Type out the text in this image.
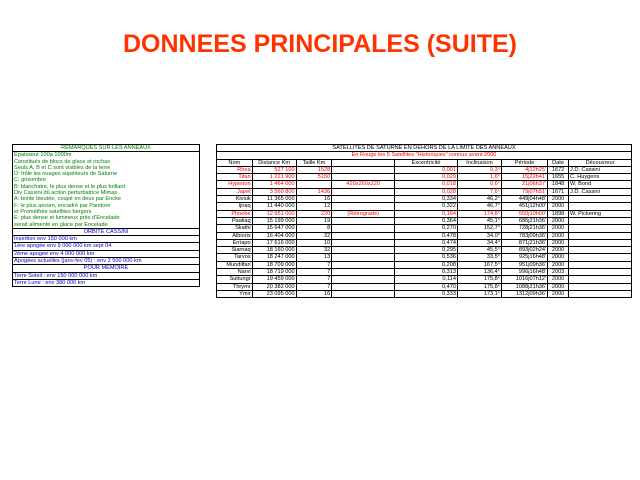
DONNEES PRINCIPALES (SUITE)
REMARQUES SUR LES ANNEAUX
Epaisseur 100a 1000m
Constitués de blocs de glace et rochas
Seuls A, B et C sont visibles de la terre
D: frôle les nuages supérieurs de Saturne
C: grisombre
B: blanchatre, le plus dense et le plus brillant
Div Cassini dû action perturbatrice Mimas
A: teinte bleutée, coupé en deux par Encke
F: le plus ancien, encadré par Pandore
et Prométhée satellites bergers
E: plus dense et lumineux près d'Encelade
serait alimenté en glace par Encelade
ORBITE CASSINI
Insertion env 150 000 km
1ère apogée env 9 000 000 km sept 04
2ème apogée env 4 000 000 km
Apogées actuelles (janv-fev 05) : env 2 500 000 km
POUR MEMOIRE
Terre Soleil : env 150 000 000 km
Terre Lune : env 380 000 km
SATELLITES DE SATURNE EN DEHORS DE LA LIMITE DES ANNEAUX								
En Rouge les 5 Satellites "Historiques" connus avant 2000								
Nom	Distance Km	Taille Km		Excentricité	Inclinaison	Période	Date	Découvreur
Rhea	527 100	1528		0,001	0,3°	4j12h25'	1672	J.D. Cassini
Titan	1 221 900	5150		0,029	1,6°	15j22h41'	1655	C. Huygens
Hyperion	1 464 000		420x260x220	0,018	0,6°	21j06h37'	1848	W. Bond
Japet	3 560 800	1436		0,028	7,6°	79j07h51'	1671	J.D. Cassini
Kiviuk	11 365 000	16		0,334	46,2°	449j04h48'	2000	
Ijiraq	11 440 000	12		0,322	46,7°	451j12h00'	2000	
Phoebe	12 951 000	220	(Rétrograde)	0,164	174,8°	550j10h00'	1898	W. Pickering
Paaliaq	15 199 000	19		0,364	45,1°	686j21h36'	2000	
Skathi	15 647 000	8		0,270	152,7°	728j21h36'	2000	
Albiorix	16 404 000	32		0,478	34,0°	783j09h36'	2000	
Erriapo	17 616 000	10		0,474	34,4°	871j21h36'	2000	
Siarnaq	18 160 000	32		0,295	45,5°	893j02h24'	2000	
Tarvos	18 247 000	13		0,536	33,5°	925j16h48'	2000	
Mundilfari	18 709 000	7		0,208	167,5°	951j09h36'	2000	
Narvi	18 719 000	7		0,313	136,4°	996j16h48'	2003	
Suttungr	19 459 000	7		0,114	175,8°	1016j07h12'	2000	
Thrymr	20 382 000	7		0,470	175,8°	1088j21h36'	2000	
Ymir	23 095 000	16		0,333	173,1°	1312j09h36'	2000	
